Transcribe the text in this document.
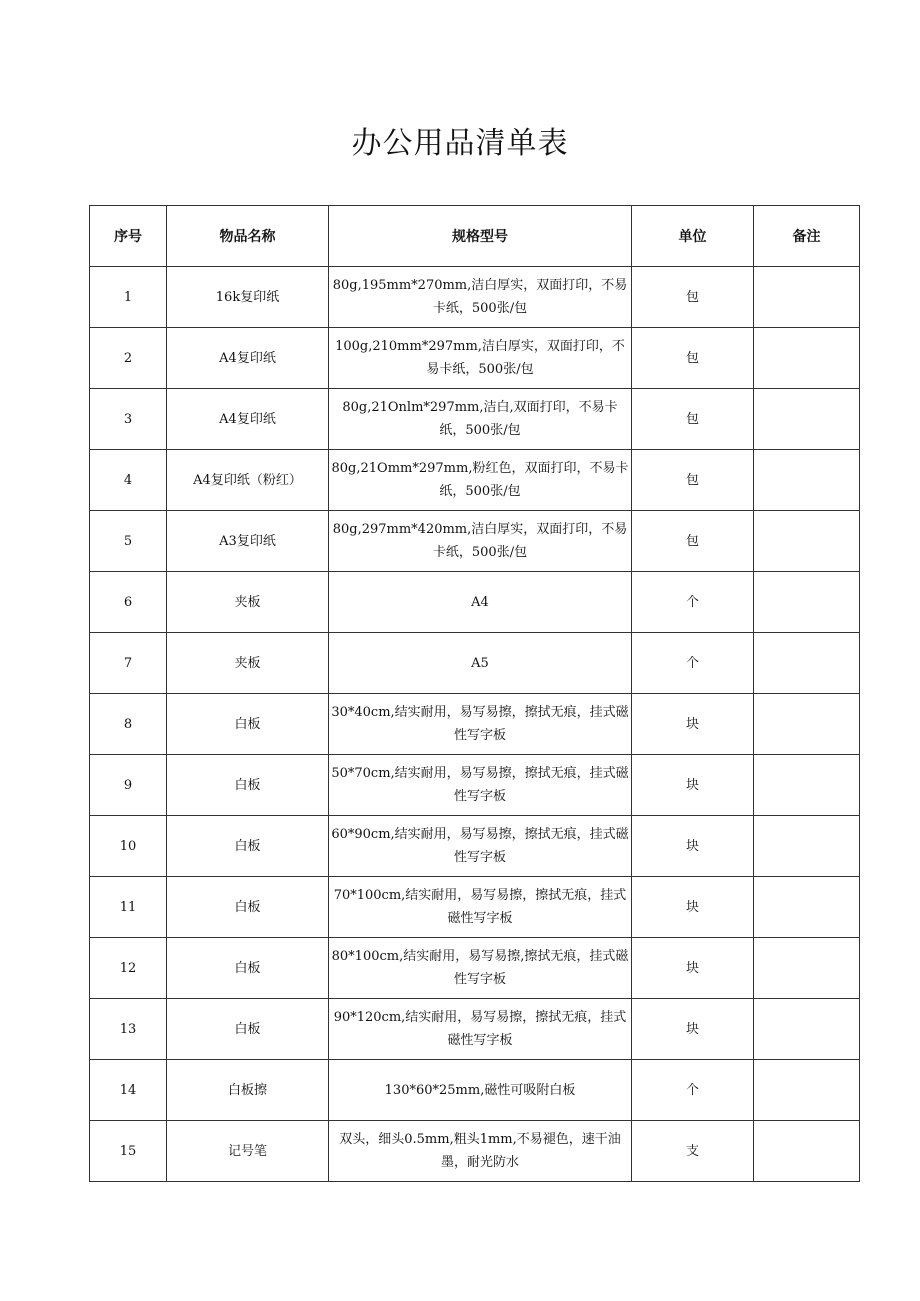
办公用品清单表
序号	物品名称	规格型号	单位	备注
1	16k复印纸	80g,195mm*270mm,洁白厚实，双面打印，不易卡纸，500张/包	包	
2	A4复印纸	100g,210mm*297mm,洁白厚实，双面打印，不易卡纸，500张/包	包	
3	A4复印纸	80g,21Onlm*297mm,洁白,双面打印，不易卡纸，500张/包	包	
4	A4复印纸（粉红）	80g,21Omm*297mm,粉红色，双面打印，不易卡纸，500张/包	包	
5	A3复印纸	80g,297mm*420mm,洁白厚实，双面打印，不易卡纸，500张/包	包	
6	夹板	A4	个	
7	夹板	A5	个	
8	白板	30*40cm,结实耐用，易写易擦，擦拭无痕，挂式磁性写字板	块	
9	白板	50*70cm,结实耐用，易写易擦，擦拭无痕，挂式磁性写字板	块	
10	白板	60*90cm,结实耐用，易写易擦，擦拭无痕，挂式磁性写字板	块	
11	白板	70*100cm,结实耐用，易写易擦，擦拭无痕，挂式磁性写字板	块	
12	白板	80*100cm,结实耐用，易写易擦,擦拭无痕，挂式磁性写字板	块	
13	白板	90*120cm,结实耐用，易写易擦，擦拭无痕，挂式磁性写字板	块	
14	白板擦	130*60*25mm,磁性可吸附白板	个	
15	记号笔	双头，细头0.5mm,粗头1mm,不易褪色，速干油墨，耐光防水	支	
